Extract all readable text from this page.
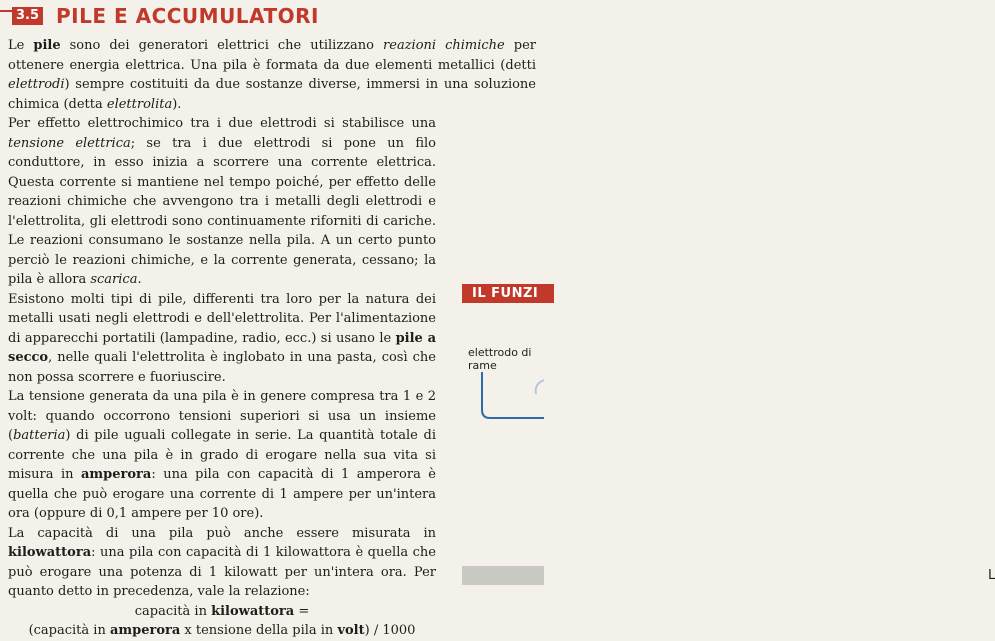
3.5 PILE E ACCUMULATORI

Le pile sono dei generatori elettrici che utilizzano reazioni chimiche per ottenere energia elettrica. Una pila è formata da due elementi metallici (detti elettrodi) sempre costituiti da due sostanze diverse, immersi in una soluzione chimica (detta elettrolita).

Per effetto elettrochimico tra i due elettrodi si stabilisce una tensione elettrica; se tra i due elettrodi si pone un filo conduttore, in esso inizia a scorrere una corrente elettrica. Questa corrente si mantiene nel tempo poiché, per effetto delle reazioni chimiche che avvengono tra i metalli degli elettrodi e l'elettrolita, gli elettrodi sono continuamente riforniti di cariche. Le reazioni consumano le sostanze nella pila. A un certo punto perciò le reazioni chimiche, e la corrente generata, cessano; la pila è allora scarica.

Esistono molti tipi di pile, differenti tra loro per la natura dei metalli usati negli elettrodi e dell'elettrolita. Per l'alimentazione di apparecchi portatili (lampadine, radio, ecc.) si usano le pile a secco, nelle quali l'elettrolita è inglobato in una pasta, così che non possa scorrere e fuoriuscire.

La tensione generata da una pila è in genere compresa tra 1 e 2 volt: quando occorrono tensioni superiori si usa un insieme (batteria) di pile uguali collegate in serie. La quantità totale di corrente che una pila è in grado di erogare nella sua vita si misura in amperora: una pila con capacità di 1 amperora è quella che può erogare una corrente di 1 ampere per un'intera ora (oppure di 0,1 ampere per 10 ore).

La capacità di una pila può anche essere misurata in kilowattora: una pila con capacità di 1 kilowattora è quella che può erogare una potenza di 1 kilowatt per un'intera ora. Per quanto detto in precedenza, vale la relazione:

capacità in kilowattora =

(capacità in amperora x tensione della pila in volt) / 1000

IL FUNZI
elettrodo di rame
L
